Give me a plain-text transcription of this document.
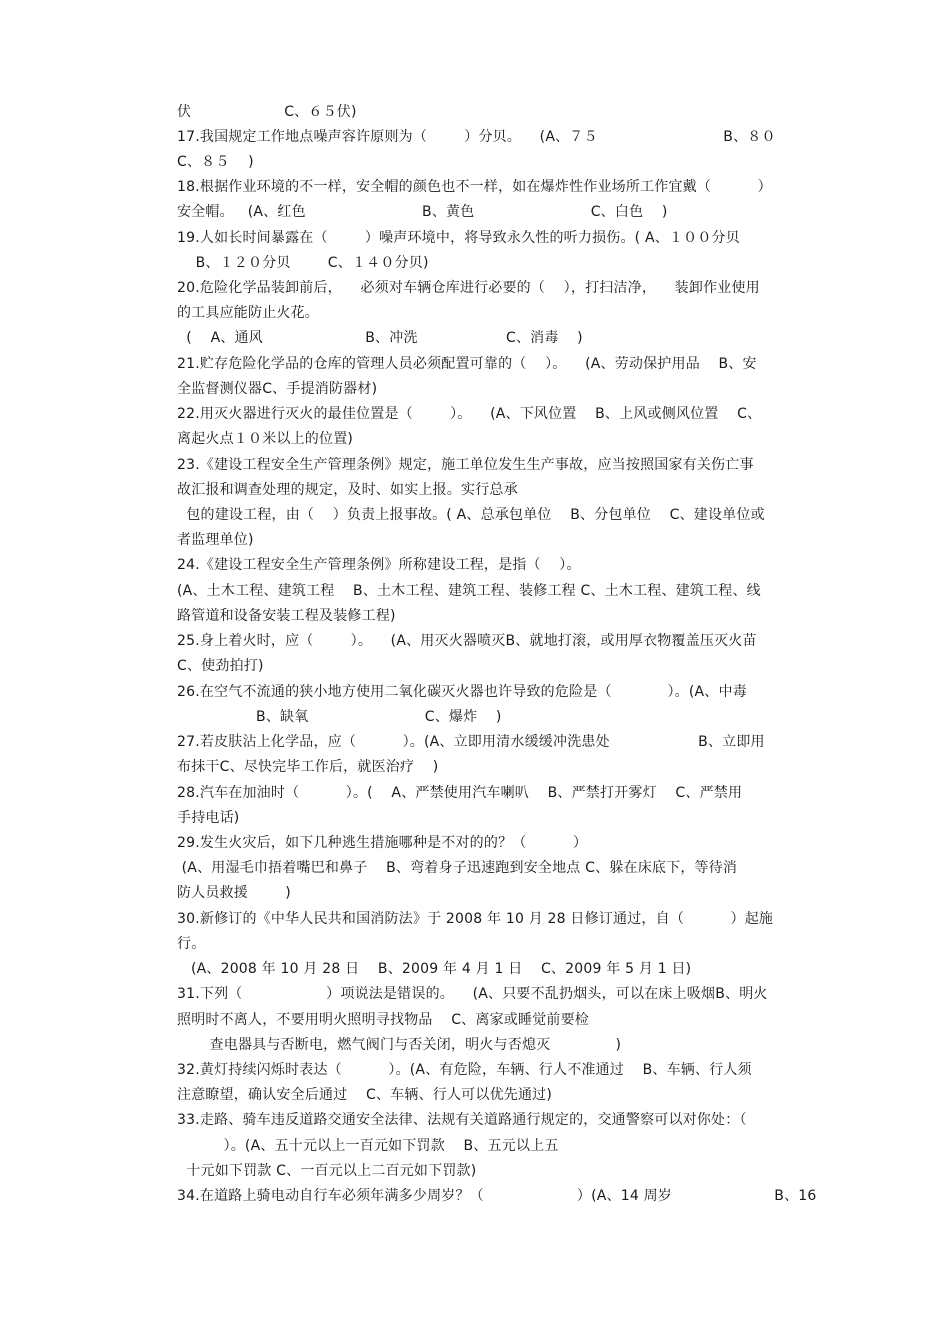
伏                    C、６５伏)
17.我国规定工作地点噪声容许原则为（        ）分贝。    (A、７５                           B、８０
C、８５    )
18.根据作业环境的不一样，安全帽的颜色也不一样，如在爆炸性作业场所工作宜戴（          ）
安全帽。   (A、红色                         B、黄色                         C、白色    )
19.人如长时间暴露在（        ）噪声环境中，将导致永久性的听力损伤。( A、１００分贝
B、１２０分贝        C、１４０分贝)
20.危险化学品装卸前后，    必须对车辆仓库进行必要的（    ），打扫洁净，    装卸作业使用
的工具应能防止火花。
(    A、通风                      B、冲洗                   C、消毒    )
21.贮存危险化学品的仓库的管理人员必须配置可靠的（    ）。    (A、劳动保护用品    B、安
全监督测仪器C、手提消防器材)
22.用灭火器进行灭火的最佳位置是（        ）。    (A、下风位置    B、上风或侧风位置    C、
离起火点１０米以上的位置)
23.《建设工程安全生产管理条例》规定，施工单位发生生产事故，应当按照国家有关伤亡事
故汇报和调查处理的规定，及时、如实上报。实行总承
包的建设工程，由（    ）负责上报事故。( A、总承包单位    B、分包单位    C、建设单位或
者监理单位)
24.《建设工程安全生产管理条例》所称建设工程，是指（    ）。
(A、土木工程、建筑工程    B、土木工程、建筑工程、装修工程 C、土木工程、建筑工程、线
路管道和设备安装工程及装修工程)
25.身上着火时，应（        ）。    (A、用灭火器喷灭B、就地打滚，或用厚衣物覆盖压灭火苗
C、使劲拍打)
26.在空气不流通的狭小地方使用二氧化碳灭火器也许导致的危险是（            ）。(A、中毒
B、缺氧                         C、爆炸    )
27.若皮肤沾上化学品，应（          ）。(A、立即用清水缓缓冲洗患处                   B、立即用
布抹干C、尽快完毕工作后，就医治疗    )
28.汽车在加油时（          ）。(    A、严禁使用汽车喇叭    B、严禁打开雾灯    C、严禁用
手持电话)
29.发生火灾后，如下几种逃生措施哪种是不对的的？（          ）
(A、用湿毛巾捂着嘴巴和鼻子    B、弯着身子迅速跑到安全地点 C、躲在床底下，等待消
防人员救援        )
30.新修订的《中华人民共和国消防法》于 2008 年 10 月 28 日修订通过，自（          ）起施
行。
(A、2008 年 10 月 28 日    B、2009 年 4 月 1 日    C、2009 年 5 月 1 日)
31.下列（                  ）项说法是错误的。    (A、只要不乱扔烟头，可以在床上吸烟B、明火
照明时不离人，不要用明火照明寻找物品    C、离家或睡觉前要检
查电器具与否断电，燃气阀门与否关闭，明火与否熄灭              )
32.黄灯持续闪烁时表达（          ）。(A、有危险，车辆、行人不准通过    B、车辆、行人须
注意瞭望，确认安全后通过    C、车辆、行人可以优先通过)
33.走路、骑车违反道路交通安全法律、法规有关道路通行规定的，交通警察可以对你处：（
）。(A、五十元以上一百元如下罚款    B、五元以上五
十元如下罚款 C、一百元以上二百元如下罚款)
34.在道路上骑电动自行车必须年满多少周岁？（                    ）(A、14 周岁                      B、16
